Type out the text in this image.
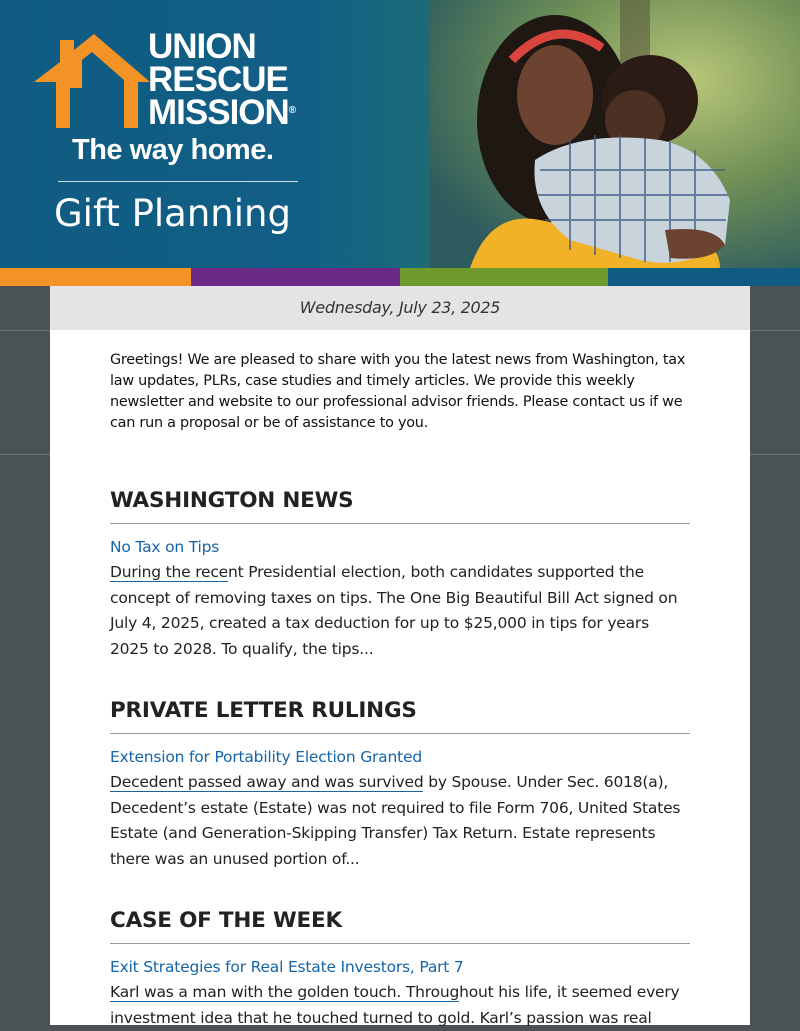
UNION
RESCUE
MISSION®
The way home.
Gift Planning
Wednesday, July 23, 2025
Greetings! We are pleased to share with you the latest news from Washington, tax law updates, PLRs, case studies and timely articles. We provide this weekly newsletter and website to our professional advisor friends. Please contact us if we can run a proposal or be of assistance to you.
WASHINGTON NEWS
No Tax on Tips
During the recent Presidential election, both candidates supported the concept of removing taxes on tips. The One Big Beautiful Bill Act signed on July 4, 2025, created a tax deduction for up to $25,000 in tips for years 2025 to 2028. To qualify, the tips...
PRIVATE LETTER RULINGS
Extension for Portability Election Granted
Decedent passed away and was survived by Spouse. Under Sec. 6018(a), Decedent’s estate (Estate) was not required to file Form 706, United States Estate (and Generation-Skipping Transfer) Tax Return. Estate represents there was an unused portion of...
CASE OF THE WEEK
Exit Strategies for Real Estate Investors, Part 7
Karl was a man with the golden touch. Throughout his life, it seemed every investment idea that he touched turned to gold. Karl’s passion was real
